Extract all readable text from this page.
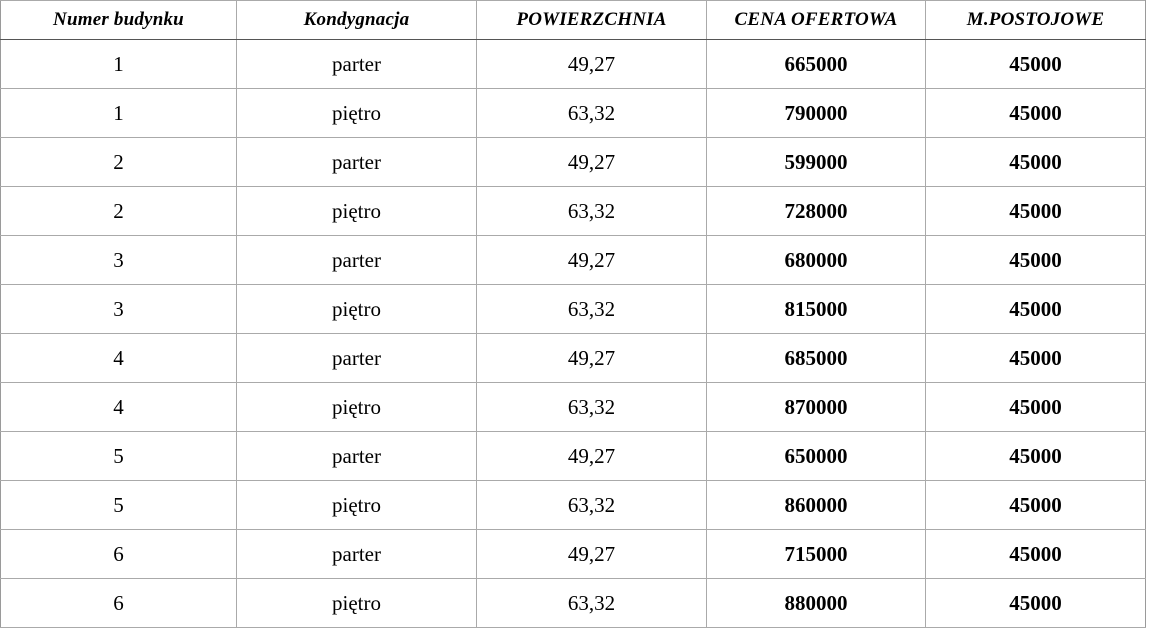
Numer budynku	Kondygnacja	POWIERZCHNIA	CENA OFERTOWA	M.POSTOJOWE
1	parter	49,27	665000	45000
1	piętro	63,32	790000	45000
2	parter	49,27	599000	45000
2	piętro	63,32	728000	45000
3	parter	49,27	680000	45000
3	piętro	63,32	815000	45000
4	parter	49,27	685000	45000
4	piętro	63,32	870000	45000
5	parter	49,27	650000	45000
5	piętro	63,32	860000	45000
6	parter	49,27	715000	45000
6	piętro	63,32	880000	45000
